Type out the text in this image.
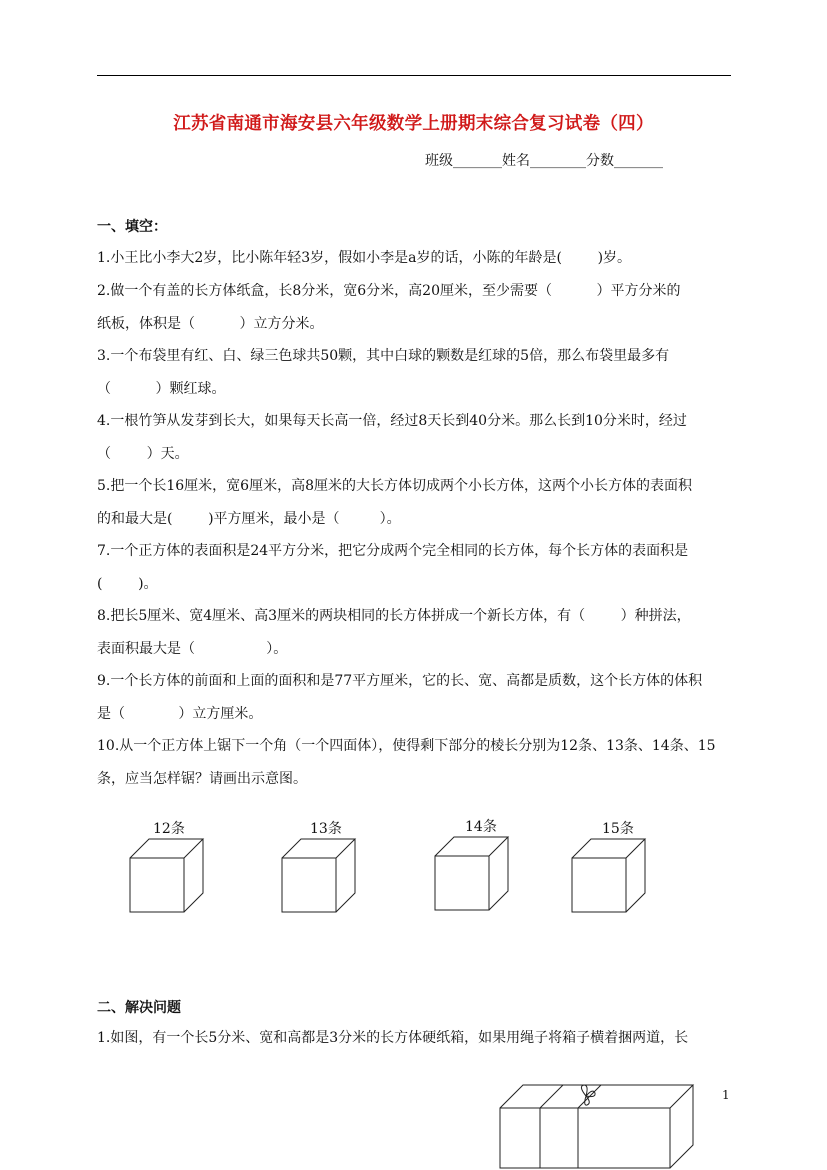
江苏省南通市海安县六年级数学上册期末综合复习试卷（四）
班级_______姓名________分数_______
一、填空：
1.小王比小李大2岁，比小陈年轻3岁，假如小李是a岁的话，小陈的年龄是(        )岁。
2.做一个有盖的长方体纸盒，长8分米，宽6分米，高20厘米，至少需要（          ）平方分米的
纸板，体积是（          ）立方分米。
3.一个布袋里有红、白、绿三色球共50颗，其中白球的颗数是红球的5倍，那么布袋里最多有
（          ）颗红球。
4.一根竹笋从发芽到长大，如果每天长高一倍，经过8天长到40分米。那么长到10分米时，经过
（        ）天。
5.把一个长16厘米，宽6厘米，高8厘米的大长方体切成两个小长方体，这两个小长方体的表面积
的和最大是(        )平方厘米，最小是（         ）。
7.一个正方体的表面积是24平方分米，把它分成两个完全相同的长方体，每个长方体的表面积是
(        )。
8.把长5厘米、宽4厘米、高3厘米的两块相同的长方体拼成一个新长方体，有（        ）种拼法，
表面积最大是（                ）。
9.一个长方体的前面和上面的面积和是77平方厘米，它的长、宽、高都是质数，这个长方体的体积
是（            ）立方厘米。
10.从一个正方体上锯下一个角（一个四面体），使得剩下部分的棱长分别为12条、13条、14条、15
条，应当怎样锯？请画出示意图。
12条	13条	14条	15条
二、解决问题
1.如图，有一个长5分米、宽和高都是3分米的长方体硬纸箱，如果用绳子将箱子横着捆两道，长
1
